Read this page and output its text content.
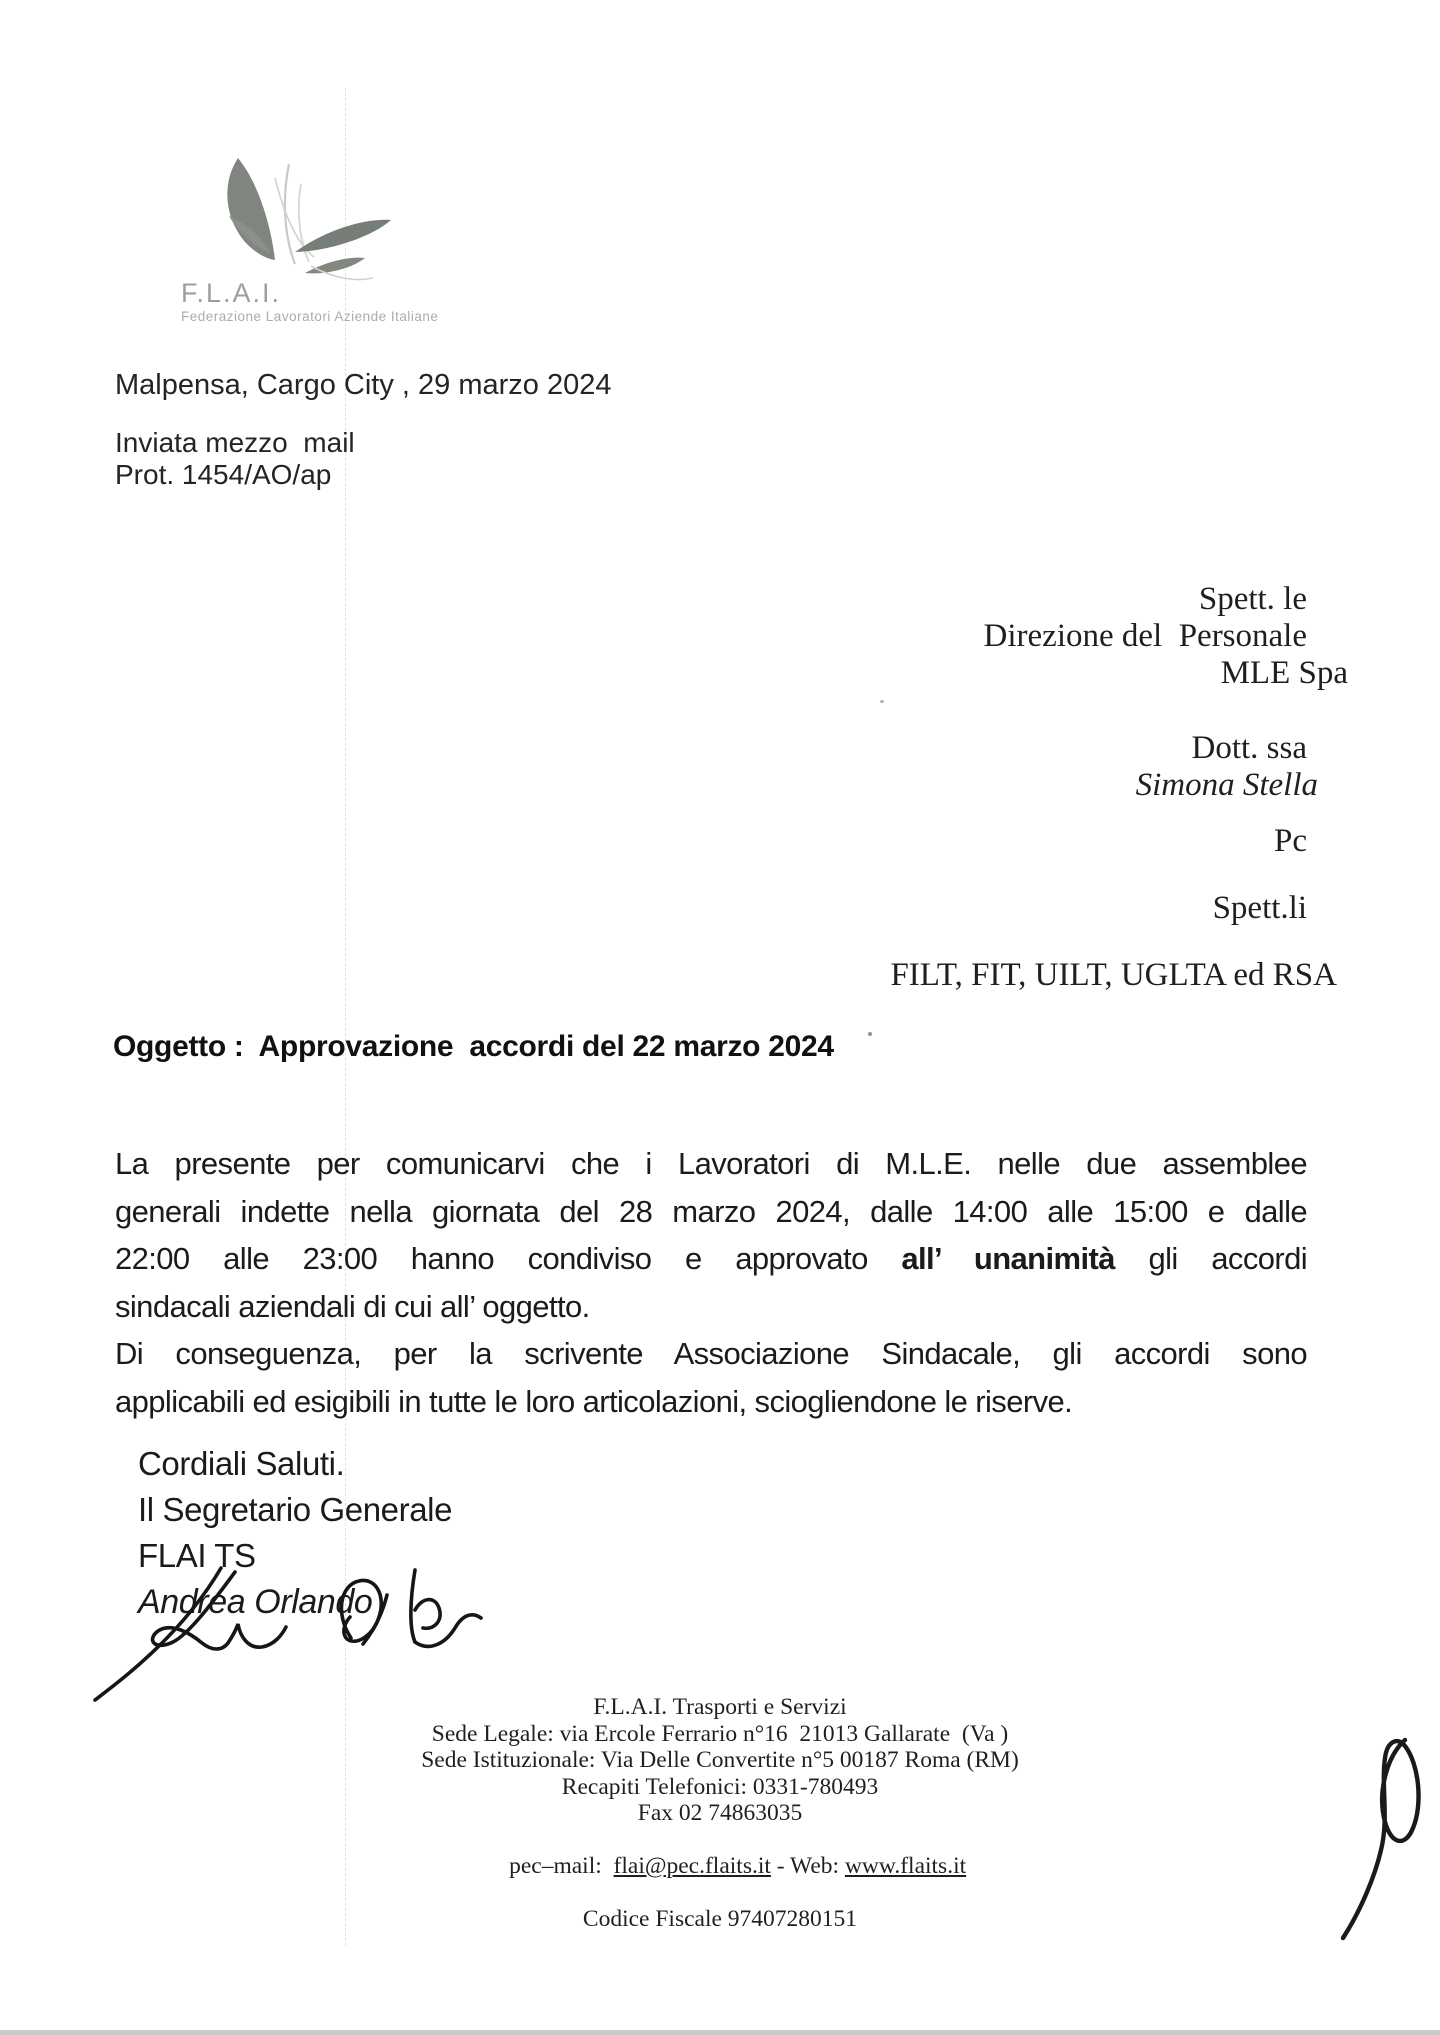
F.L.A.I.
Federazione Lavoratori Aziende Italiane
Malpensa, Cargo City , 29 marzo 2024
Inviata mezzo  mail
Prot. 1454/AO/ap
Spett. le
Direzione del  Personale
MLE Spa
Dott. ssa
Simona Stella
Pc
Spett.li
FILT, FIT, UILT, UGLTA ed RSA
Oggetto :  Approvazione  accordi del 22 marzo 2024
La presente per comunicarvi che i Lavoratori di M.L.E. nelle due assemblee
generali indette nella giornata del 28 marzo 2024, dalle 14:00 alle 15:00 e dalle
22:00 alle 23:00 hanno condiviso e approvato all’ unanimità gli accordi
sindacali aziendali di cui all’ oggetto.
Di conseguenza, per la scrivente Associazione Sindacale, gli accordi sono
applicabili ed esigibili in tutte le loro articolazioni, sciogliendone le riserve.
Cordiali Saluti.
Il Segretario Generale
FLAI TS
Andrea Orlando
F.L.A.I. Trasporti e Servizi
Sede Legale: via Ercole Ferrario n°16  21013 Gallarate  (Va )
Sede Istituzionale: Via Delle Convertite n°5 00187 Roma (RM)
Recapiti Telefonici: 0331-780493
Fax 02 74863035

pec–mail:  flai@pec.flaits.it - Web: www.flaits.it

Codice Fiscale 97407280151
